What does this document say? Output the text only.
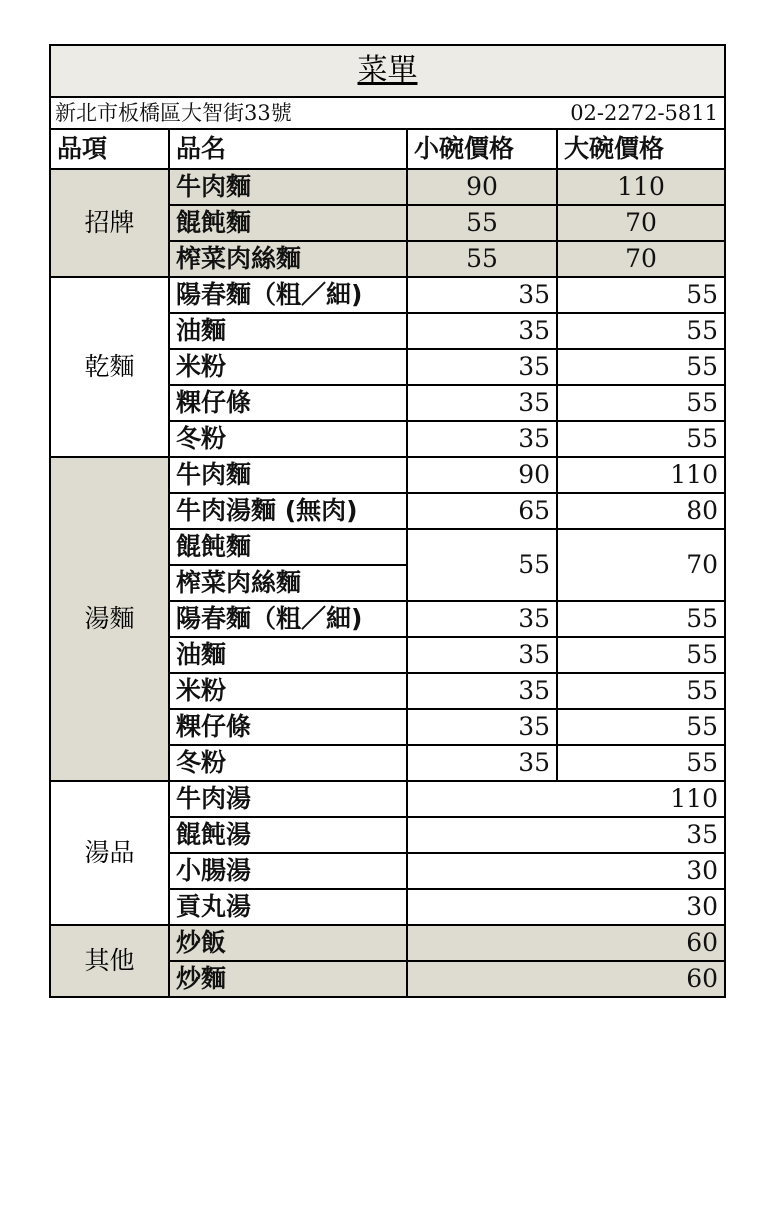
菜單			
新北市板橋區大智街33號		02-2272-5811	
品項	品名	小碗價格	大碗價格
招牌	牛肉麵	90	110
	餛飩麵	55	70
	榨菜肉絲麵	55	70
乾麵	陽春麵（粗／細)	35	55
	油麵	35	55
	米粉	35	55
	粿仔條	35	55
	冬粉	35	55
湯麵	牛肉麵	90	110
	牛肉湯麵 (無肉)	65	80
	餛飩麵	55	70
	榨菜肉絲麵		
	陽春麵（粗／細)	35	55
	油麵	35	55
	米粉	35	55
	粿仔條	35	55
	冬粉	35	55
湯品	牛肉湯	110	
	餛飩湯	35	
	小腸湯	30	
	貢丸湯	30	
其他	炒飯	60	
	炒麵	60	
